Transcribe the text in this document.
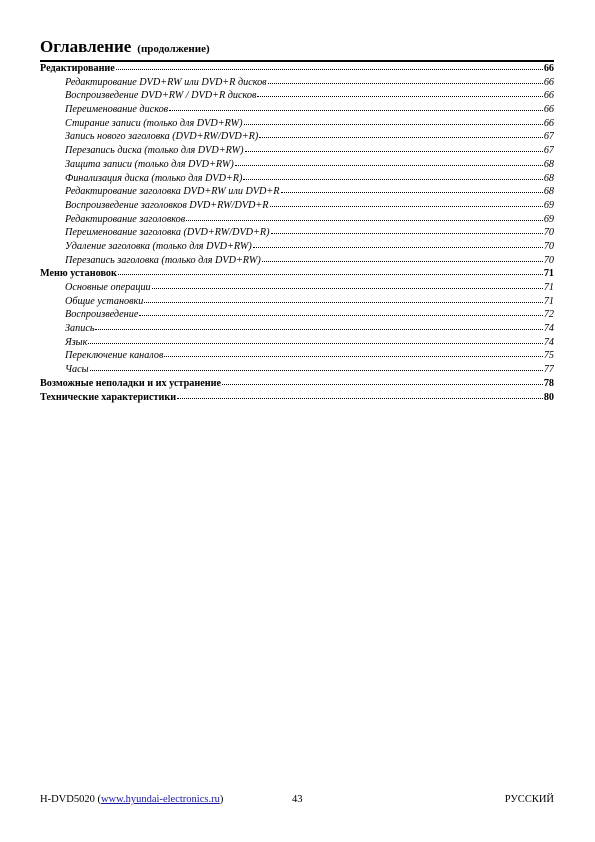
Оглавление (продолжение)
Редактирование	66
Редактирование DVD+RW или DVD+R дисков	66
Воспроизведение DVD+RW / DVD+R дисков	66
Переименование дисков	66
Стирание записи (только для DVD+RW)	66
Запись нового заголовка (DVD+RW/DVD+R)	67
Перезапись диска (только для DVD+RW)	67
Защита записи (только для DVD+RW)	68
Финализация диска (только для DVD+R)	68
Редактирование заголовка DVD+RW или DVD+R	68
Воспроизведение заголовков DVD+RW/DVD+R	69
Редактирование заголовков	69
Переименование заголовка (DVD+RW/DVD+R)	70
Удаление заголовка (только для DVD+RW)	70
Перезапись заголовка (только для DVD+RW)	70
Меню установок	71
Основные операции	71
Общие установки	71
Воспроизведение	72
Запись	74
Язык	74
Переключение каналов	75
Часы	77
Возможные неполадки и их устранение	78
Технические характеристики	80
H-DVD5020 (www.hyundai-electronics.ru)	43	РУССКИЙ
